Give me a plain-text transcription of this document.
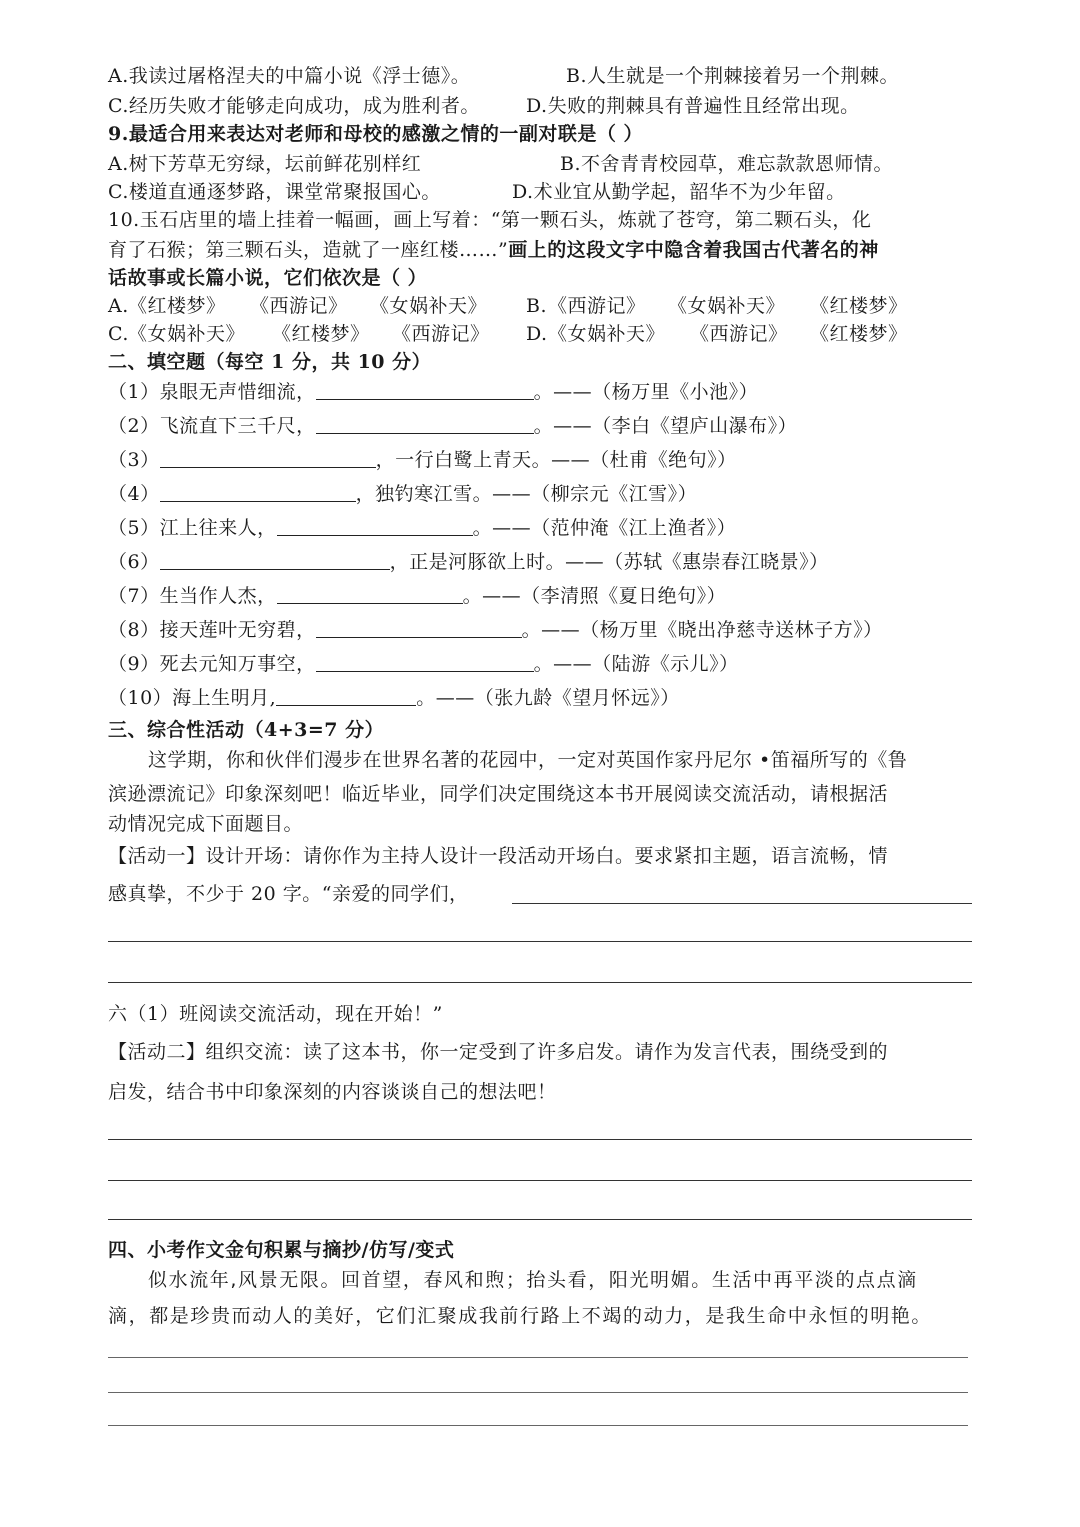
A.我读过屠格涅夫的中篇小说《浮士德》。	B.人生就是一个荆棘接着另一个荆棘。
C.经历失败才能够走向成功，成为胜利者。 D.失败的荆棘具有普遍性且经常出现。
9.最适合用来表达对老师和母校的感激之情的一副对联是（ ）
A.树下芳草无穷绿，坛前鲜花别样红	B.不舍青青校园草，难忘款款恩师情。
C.楼道直通逐梦路，课堂常聚报国心。	D.术业宜从勤学起，韶华不为少年留。
10.玉石店里的墙上挂着一幅画，画上写着：“第一颗石头，炼就了苍穹，第二颗石头，化
育了石猴；第三颗石头，造就了一座红楼……”画上的这段文字中隐含着我国古代著名的神
话故事或长篇小说，它们依次是（ ）
A. 《红楼梦》 《西游记》 《女娲补天》 B. 《西游记》 《女娲补天》 《红楼梦》
C. 《女娲补天》 《红楼梦》 《西游记》 D. 《女娲补天》 《西游记》 《红楼梦》
二、填空题（每空 1 分，共 10 分）
（1）泉眼无声惜细流，	。——（杨万里《小池》）
（2）飞流直下三千尺，	。——（李白《望庐山瀑布》）
（3）	，一行白鹭上青天。——（杜甫《绝句》）
（4）	，独钓寒江雪。——（柳宗元《江雪》）
（5）江上往来人，	。——（范仲淹《江上渔者》）
（6）	，正是河豚欲上时。——（苏轼《惠崇春江晓景》）
（7）生当作人杰，	。——（李清照《夏日绝句》）
（8）接天莲叶无穷碧，	。——（杨万里《晓出净慈寺送林子方》）
（9）死去元知万事空，	。——（陆游《示儿》）
（10）海上生明月,	。——（张九龄《望月怀远》）
三、综合性活动（4+3=7 分）
这学期，你和伙伴们漫步在世界名著的花园中，一定对英国作家丹尼尔 •笛福所写的《鲁
滨逊漂流记》印象深刻吧！临近毕业，同学们决定围绕这本书开展阅读交流活动，请根据活
动情况完成下面题目。
【活动一】设计开场：请你作为主持人设计一段活动开场白。要求紧扣主题，语言流畅，情
感真挚，不少于 20 字。“亲爱的同学们，
六（1）班阅读交流活动，现在开始！”
【活动二】组织交流：读了这本书，你一定受到了许多启发。请作为发言代表，围绕受到的
启发，结合书中印象深刻的内容谈谈自己的想法吧！
四、小考作文金句积累与摘抄/仿写/变式
似水流年,风景无限。回首望，春风和煦；抬头看，阳光明媚。生活中再平淡的点点滴
滴，都是珍贵而动人的美好，它们汇聚成我前行路上不竭的动力，是我生命中永恒的明艳。
